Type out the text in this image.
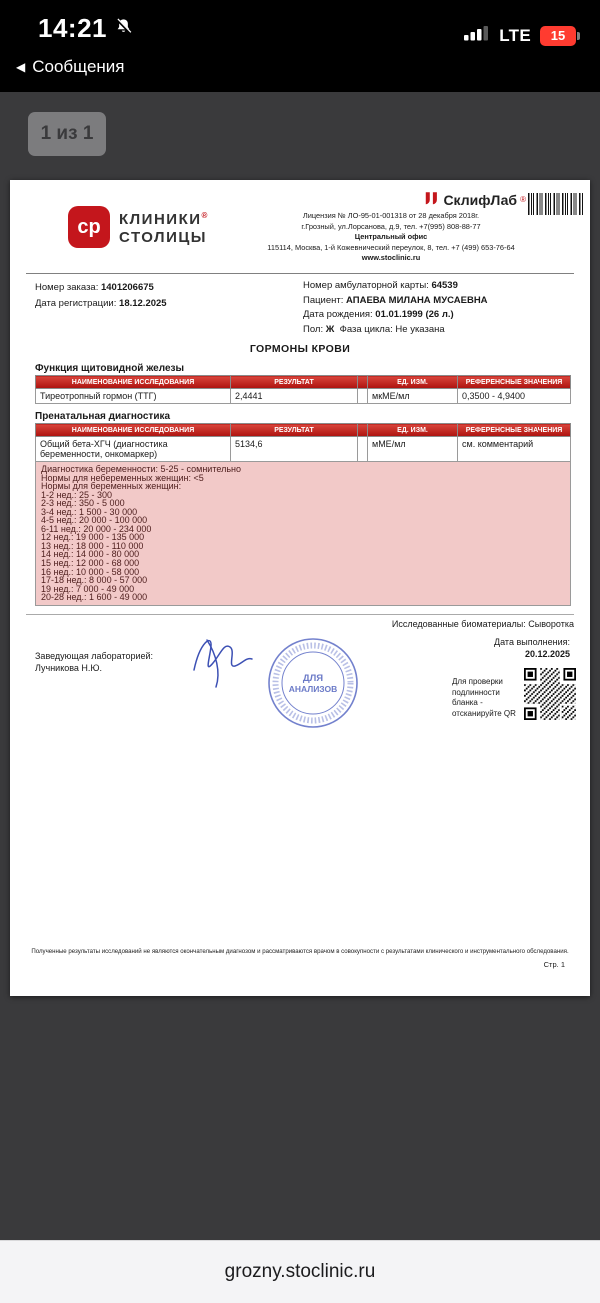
14:21	LTE	15
◀ Сообщения
1 из 1
ср КЛИНИКИ®
СТОЛИЦЫ
СклифЛаб ®
Лицензия № ЛО-95-01-001318 от 28 декабря 2018г.
г.Грозный, ул.Лорсанова, д.9, тел. +7(995) 808-88-77
Центральный офис
115114, Москва, 1-й Кожевнический переулок, 8, тел. +7 (499) 653-76-64
www.stoclinic.ru
Номер заказа: 1401206675
Дата регистрации: 18.12.2025
Номер амбулаторной карты: 64539
Пациент: АПАЕВА МИЛАНА МУСАЕВНА
Дата рождения: 01.01.1999 (26 л.)
Пол: Ж Фаза цикла: Не указана
ГОРМОНЫ КРОВИ
Функция щитовидной железы
НАИМЕНОВАНИЕ ИССЛЕДОВАНИЯ	РЕЗУЛЬТАТ		ЕД. ИЗМ.	РЕФЕРЕНСНЫЕ ЗНАЧЕНИЯ
Тиреотропный гормон (ТТГ)	2,4441		мкМЕ/мл	0,3500 - 4,9400
Пренатальная диагностика
НАИМЕНОВАНИЕ ИССЛЕДОВАНИЯ	РЕЗУЛЬТАТ		ЕД. ИЗМ.	РЕФЕРЕНСНЫЕ ЗНАЧЕНИЯ
Общий бета-ХГЧ (диагностика беременности, онкомаркер)	5134,6		мМЕ/мл	см. комментарий

Диагностика беременности: 5-25 - сомнительно
Нормы для небеременных женщин: <5
Нормы для беременных женщин:
1-2 нед.: 25 - 300
2-3 нед.: 350 - 5 000
3-4 нед.: 1 500 - 30 000
4-5 нед.: 20 000 - 100 000
6-11 нед.: 20 000 - 234 000
12 нед.: 19 000 - 135 000
13 нед.: 18 000 - 110 000
14 нед.: 14 000 - 80 000
15 нед.: 12 000 - 68 000
16 нед.: 10 000 - 58 000
17-18 нед.: 8 000 - 57 000
19 нед.: 7 000 - 49 000
20-28 нед.: 1 600 - 49 000
Исследованные биоматериалы: Сыворотка
Дата выполнения:
20.12.2025
Заведующая лабораторией:
Лучникова Н.Ю.
ДЛЯ
АНАЛИЗОВ
Для проверки подлинности бланка - отсканируйте QR
Полученные результаты исследований не являются окончательным диагнозом и рассматриваются врачом в совокупности с результатами клинического и инструментального обследования.
Стр. 1
grozny.stoclinic.ru
